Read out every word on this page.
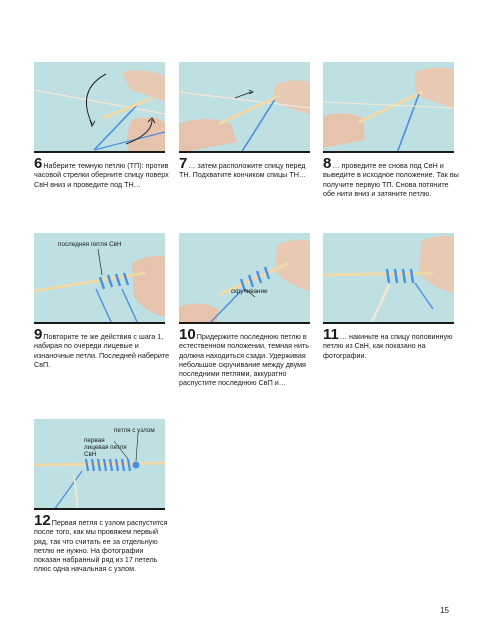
6Наберите темную петлю (ТП): против часовой стрелки оберните спицу поверх СвН вниз и проведите под ТН…
7… затем расположите спицу перед ТН. Подхватите кончиком спицы ТН…
8… проведите ее снова под СвН и выведите в исходное положение. Так вы получите первую ТП. Снова потяните обе нити вниз и затяните петлю.
последняя петля СвН
скручивание
9Повторите те же действия с шага 1, набирая по очереди лицевые и изнаночные петли. Последней наберите СвП.
10Придержите последнюю петлю в естественном положении, темная нить должна находиться сзади. Удерживая небольшое скручивание между двумя последними петлями, аккуратно распустите последнюю СвП и…
11… накиньте на спицу половинную петлю из СвН, как показано на фотографии.
петля с узлом
первая лицевая петля СвН
12Первая петля с узлом распустится после того, как мы провяжем первый ряд, так что считать ее за отдельную петлю не нужно. На фотографии показан набранный ряд из 17 петель плюс одна начальная с узлом.
15
